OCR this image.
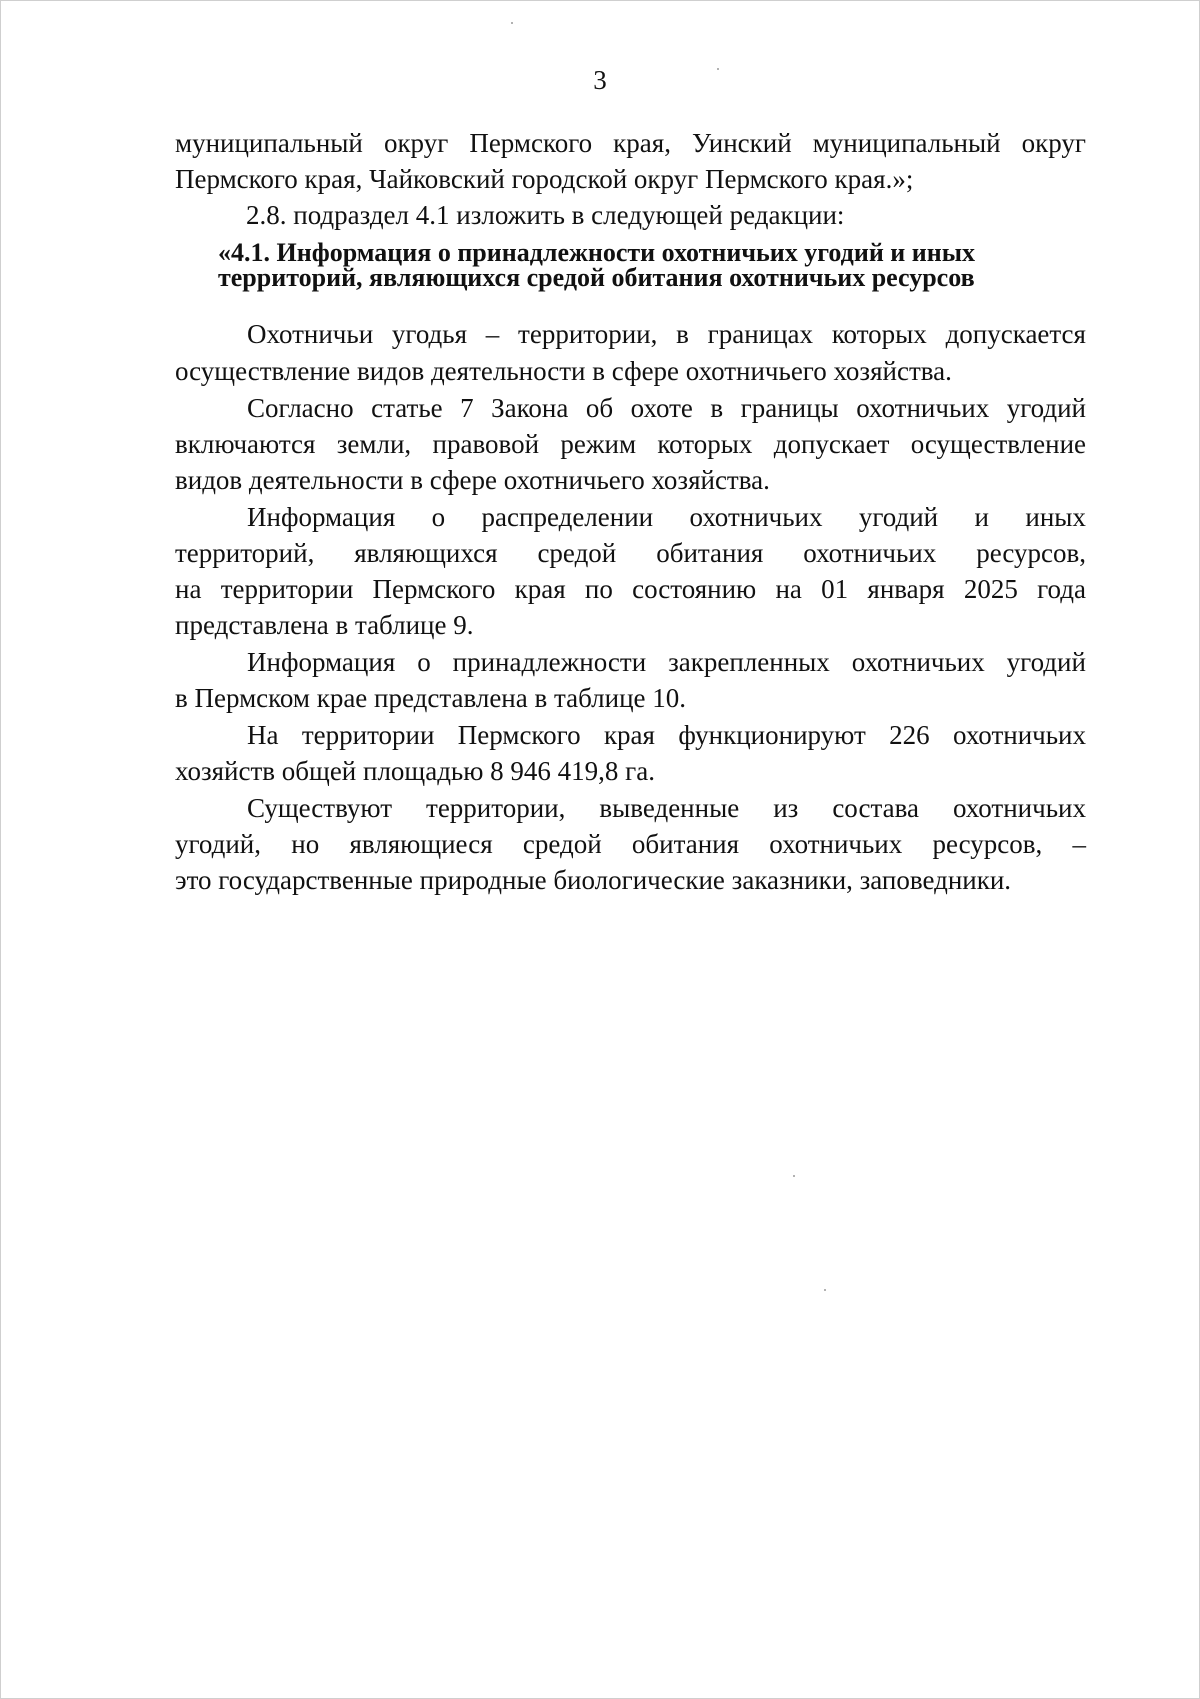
3
муниципальный округ Пермского края, Уинский муниципальный округ
Пермского края, Чайковский городской округ Пермского края.»;
2.8. подраздел 4.1 изложить в следующей редакции:
«4.1. Информация о принадлежности охотничьих угодий и иных
территорий, являющихся средой обитания охотничьих ресурсов
Охотничьи угодья – территории, в границах которых допускается
осуществление видов деятельности в сфере охотничьего хозяйства.
Согласно статье 7 Закона об охоте в границы охотничьих угодий
включаются земли, правовой режим которых допускает осуществление
видов деятельности в сфере охотничьего хозяйства.
Информация о распределении охотничьих угодий и иных
территорий, являющихся средой обитания охотничьих ресурсов,
на территории Пермского края по состоянию на 01 января 2025 года
представлена в таблице 9.
Информация о принадлежности закрепленных охотничьих угодий
в Пермском крае представлена в таблице 10.
На территории Пермского края функционируют 226 охотничьих
хозяйств общей площадью 8 946 419,8 га.
Существуют территории, выведенные из состава охотничьих
угодий, но являющиеся средой обитания охотничьих ресурсов, –
это государственные природные биологические заказники, заповедники.
